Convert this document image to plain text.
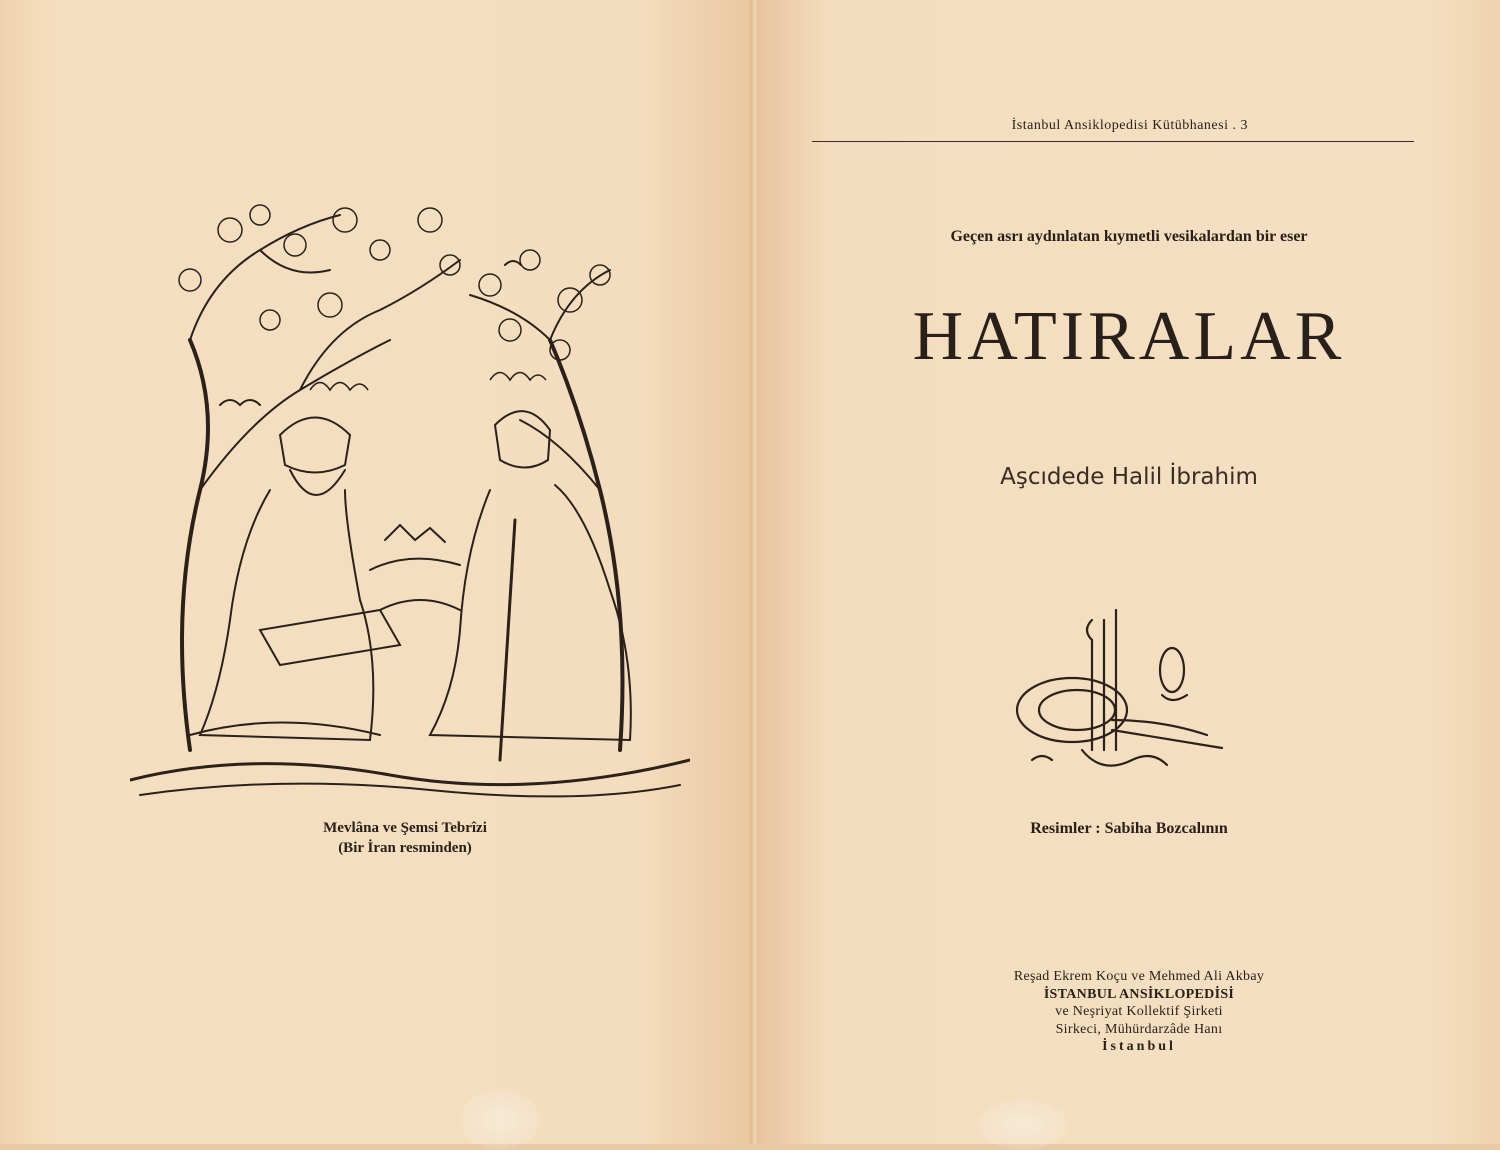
Mevlâna ve Şemsi Tebrîzi
(Bir İran resminden)
İstanbul Ansiklopedisi Kütübhanesi . 3
Geçen asrı aydınlatan kıymetli vesikalardan bir eser
HATIRALAR
Aşcıdede Halil İbrahim
Resimler : Sabiha Bozcalının
Reşad Ekrem Koçu ve Mehmed Ali Akbay
İSTANBUL ANSİKLOPEDİSİ
ve Neşriyat Kollektif Şirketi
Sirkeci, Mühürdarzâde Hanı
İstanbul
